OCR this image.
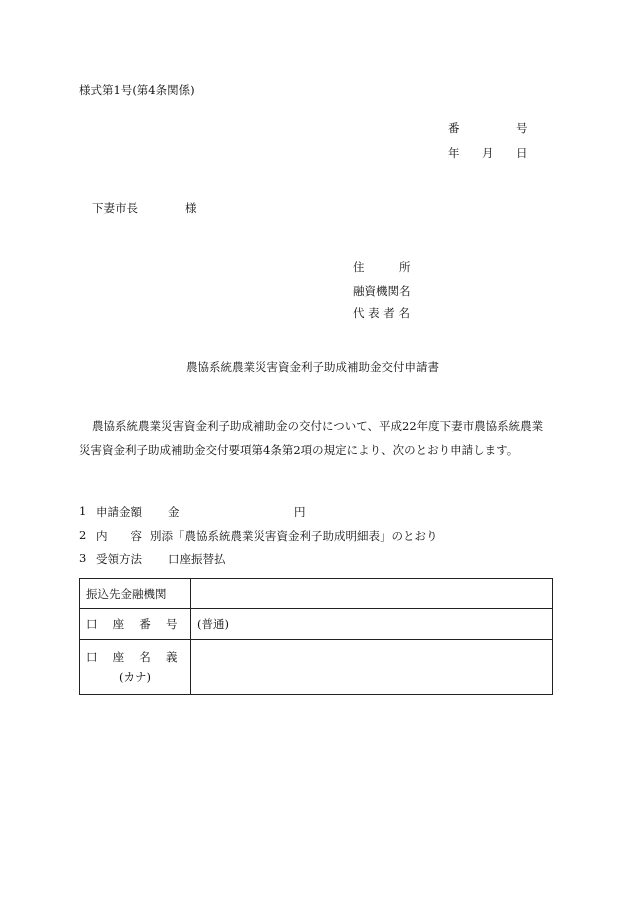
様式第1号(第4条関係)
番	号
年 月 日
下妻市長	様
住	所
融資機関名
代 表 者 名
農協系統農業災害資金利子助成補助金交付申請書
農協系統農業災害資金利子助成補助金の交付について、平成22年度下妻市農協系統農業
災害資金利子助成補助金交付要項第4条第2項の規定により、次のとおり申請します。
1 申請金額 金	円
2 内　　容 別添「農協系統農業災害資金利子助成明細表」のとおり
3 受領方法 口座振替払
振込先金融機関	
口　 座　 番　 号	(普通)
口　 座　 名　 義
(カナ)	
